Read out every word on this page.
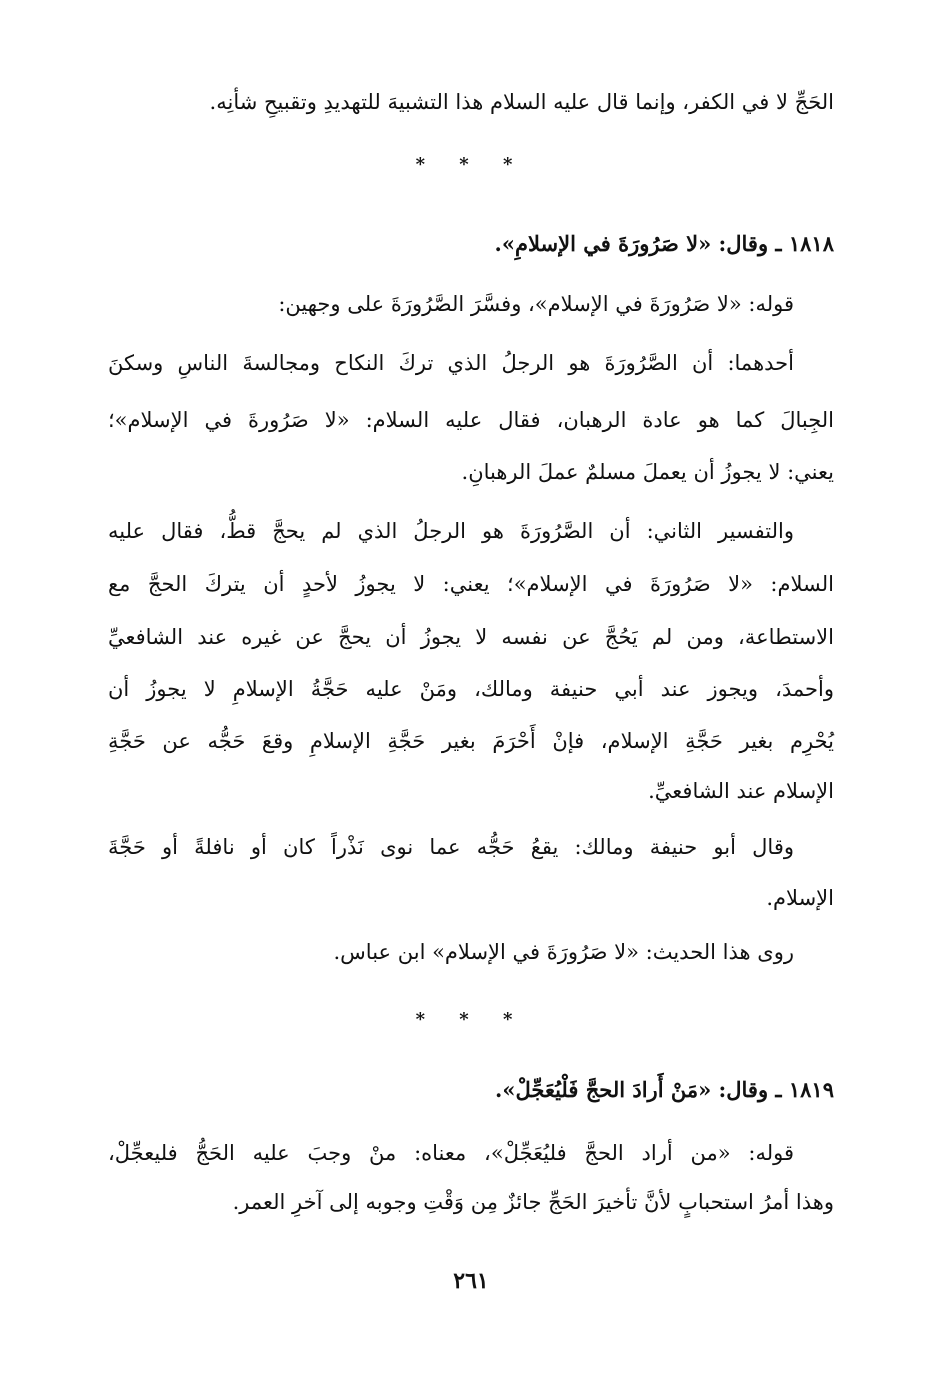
الحَجِّ لا في الكفر، وإنما قال عليه السلام هذا التشبيهَ للتهديدِ وتقبيحِ شأنِه.
* * *
١٨١٨ ـ وقال: «لا صَرُورَةَ في الإسلامِ».
قوله: «لا صَرُورَةَ في الإسلام»، وفسَّرَ الصَّرُورَةَ على وجهين:
أحدهما: أن الصَّرُورَةَ هو الرجلُ الذي تركَ النكاح ومجالسةَ الناسِ وسكنَ
الجِبالَ كما هو عادة الرهبان، فقال عليه السلام: «لا صَرُورةَ في الإسلام»؛
يعني: لا يجوزُ أن يعملَ مسلمٌ عملَ الرهبانِ.
والتفسير الثاني: أن الصَّرُورَةَ هو الرجلُ الذي لم يحجَّ قطُّ، فقال عليه
السلام: «لا صَرُورَةَ في الإسلام»؛ يعني: لا يجوزُ لأحدٍ أن يتركَ الحجَّ مع
الاستطاعة، ومن لم يَحُجَّ عن نفسه لا يجوزُ أن يحجَّ عن غيره عند الشافعيِّ
وأحمدَ، ويجوز عند أبي حنيفة ومالك، ومَنْ عليه حَجَّةُ الإسلامِ لا يجوزُ أن
يُحْرِم بغير حَجَّةِ الإسلام، فإنْ أَحْرَمَ بغير حَجَّةِ الإسلامِ وقعَ حَجُّه عن حَجَّةِ
الإسلام عند الشافعيِّ.
وقال أبو حنيفة ومالك: يقعُ حَجُّه عما نوى نَذْراً كان أو نافلةً أو حَجَّةَ
الإسلام.
روى هذا الحديث: «لا صَرُورَةَ في الإسلام» ابن عباس.
* * *
١٨١٩ ـ وقال: «مَنْ أَرادَ الحجَّ فَلْيُعَجِّلْ».
قوله: «من أراد الحجَّ فليُعَجِّلْ»، معناه: منْ وجبَ عليه الحَجُّ فليعجِّلْ،
وهذا أمرُ استحبابٍ لأنَّ تأخيرَ الحَجِّ جائزٌ مِن وَقْتِ وجوبه إلى آخرِ العمر.
٢٦١
